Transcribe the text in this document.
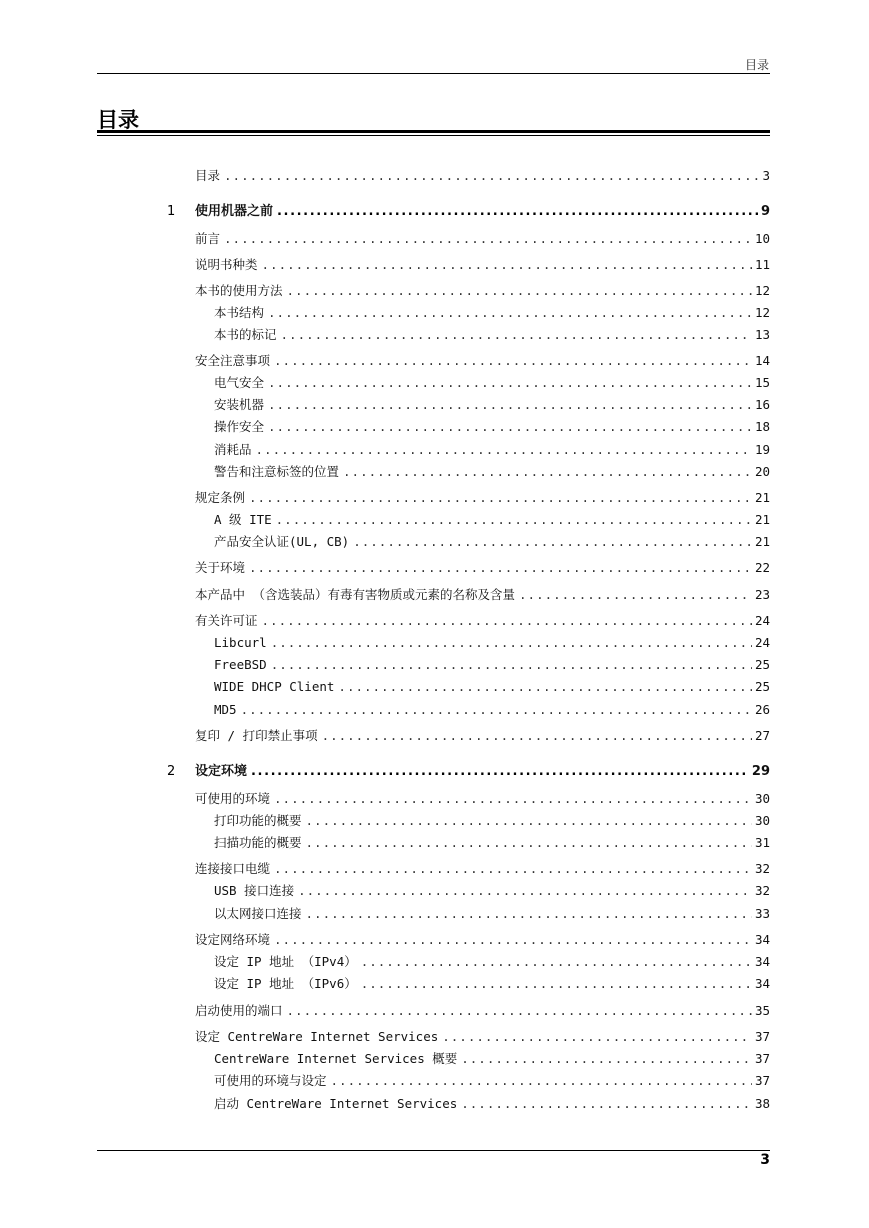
目录
目录
目录 .....	3
1 使用机器之前 .....	9
前言 .....	10
说明书种类 .....	11
本书的使用方法 .....	12
本书结构 .....	12
本书的标记 .....	13
安全注意事项 .....	14
电气安全 .....	15
安装机器 .....	16
操作安全 .....	18
消耗品 .....	19
警告和注意标签的位置 .....	20
规定条例 .....	21
A 级 ITE .....	21
产品安全认证(UL, CB) .....	21
关于环境 .....	22
本产品中 （含选装品）有毒有害物质或元素的名称及含量 .....	23
有关许可证 .....	24
Libcurl .....	24
FreeBSD .....	25
WIDE DHCP Client .....	25
MD5 .....	26
复印 / 打印禁止事项 .....	27
2 设定环境 .....	29
可使用的环境 .....	30
打印功能的概要 .....	30
扫描功能的概要 .....	31
连接接口电缆 .....	32
USB 接口连接 .....	32
以太网接口连接 .....	33
设定网络环境 .....	34
设定 IP 地址 （IPv4） .....	34
设定 IP 地址 （IPv6） .....	34
启动使用的端口 .....	35
设定 CentreWare Internet Services .....	37
CentreWare Internet Services 概要 .....	37
可使用的环境与设定 .....	37
启动 CentreWare Internet Services .....	38
3
